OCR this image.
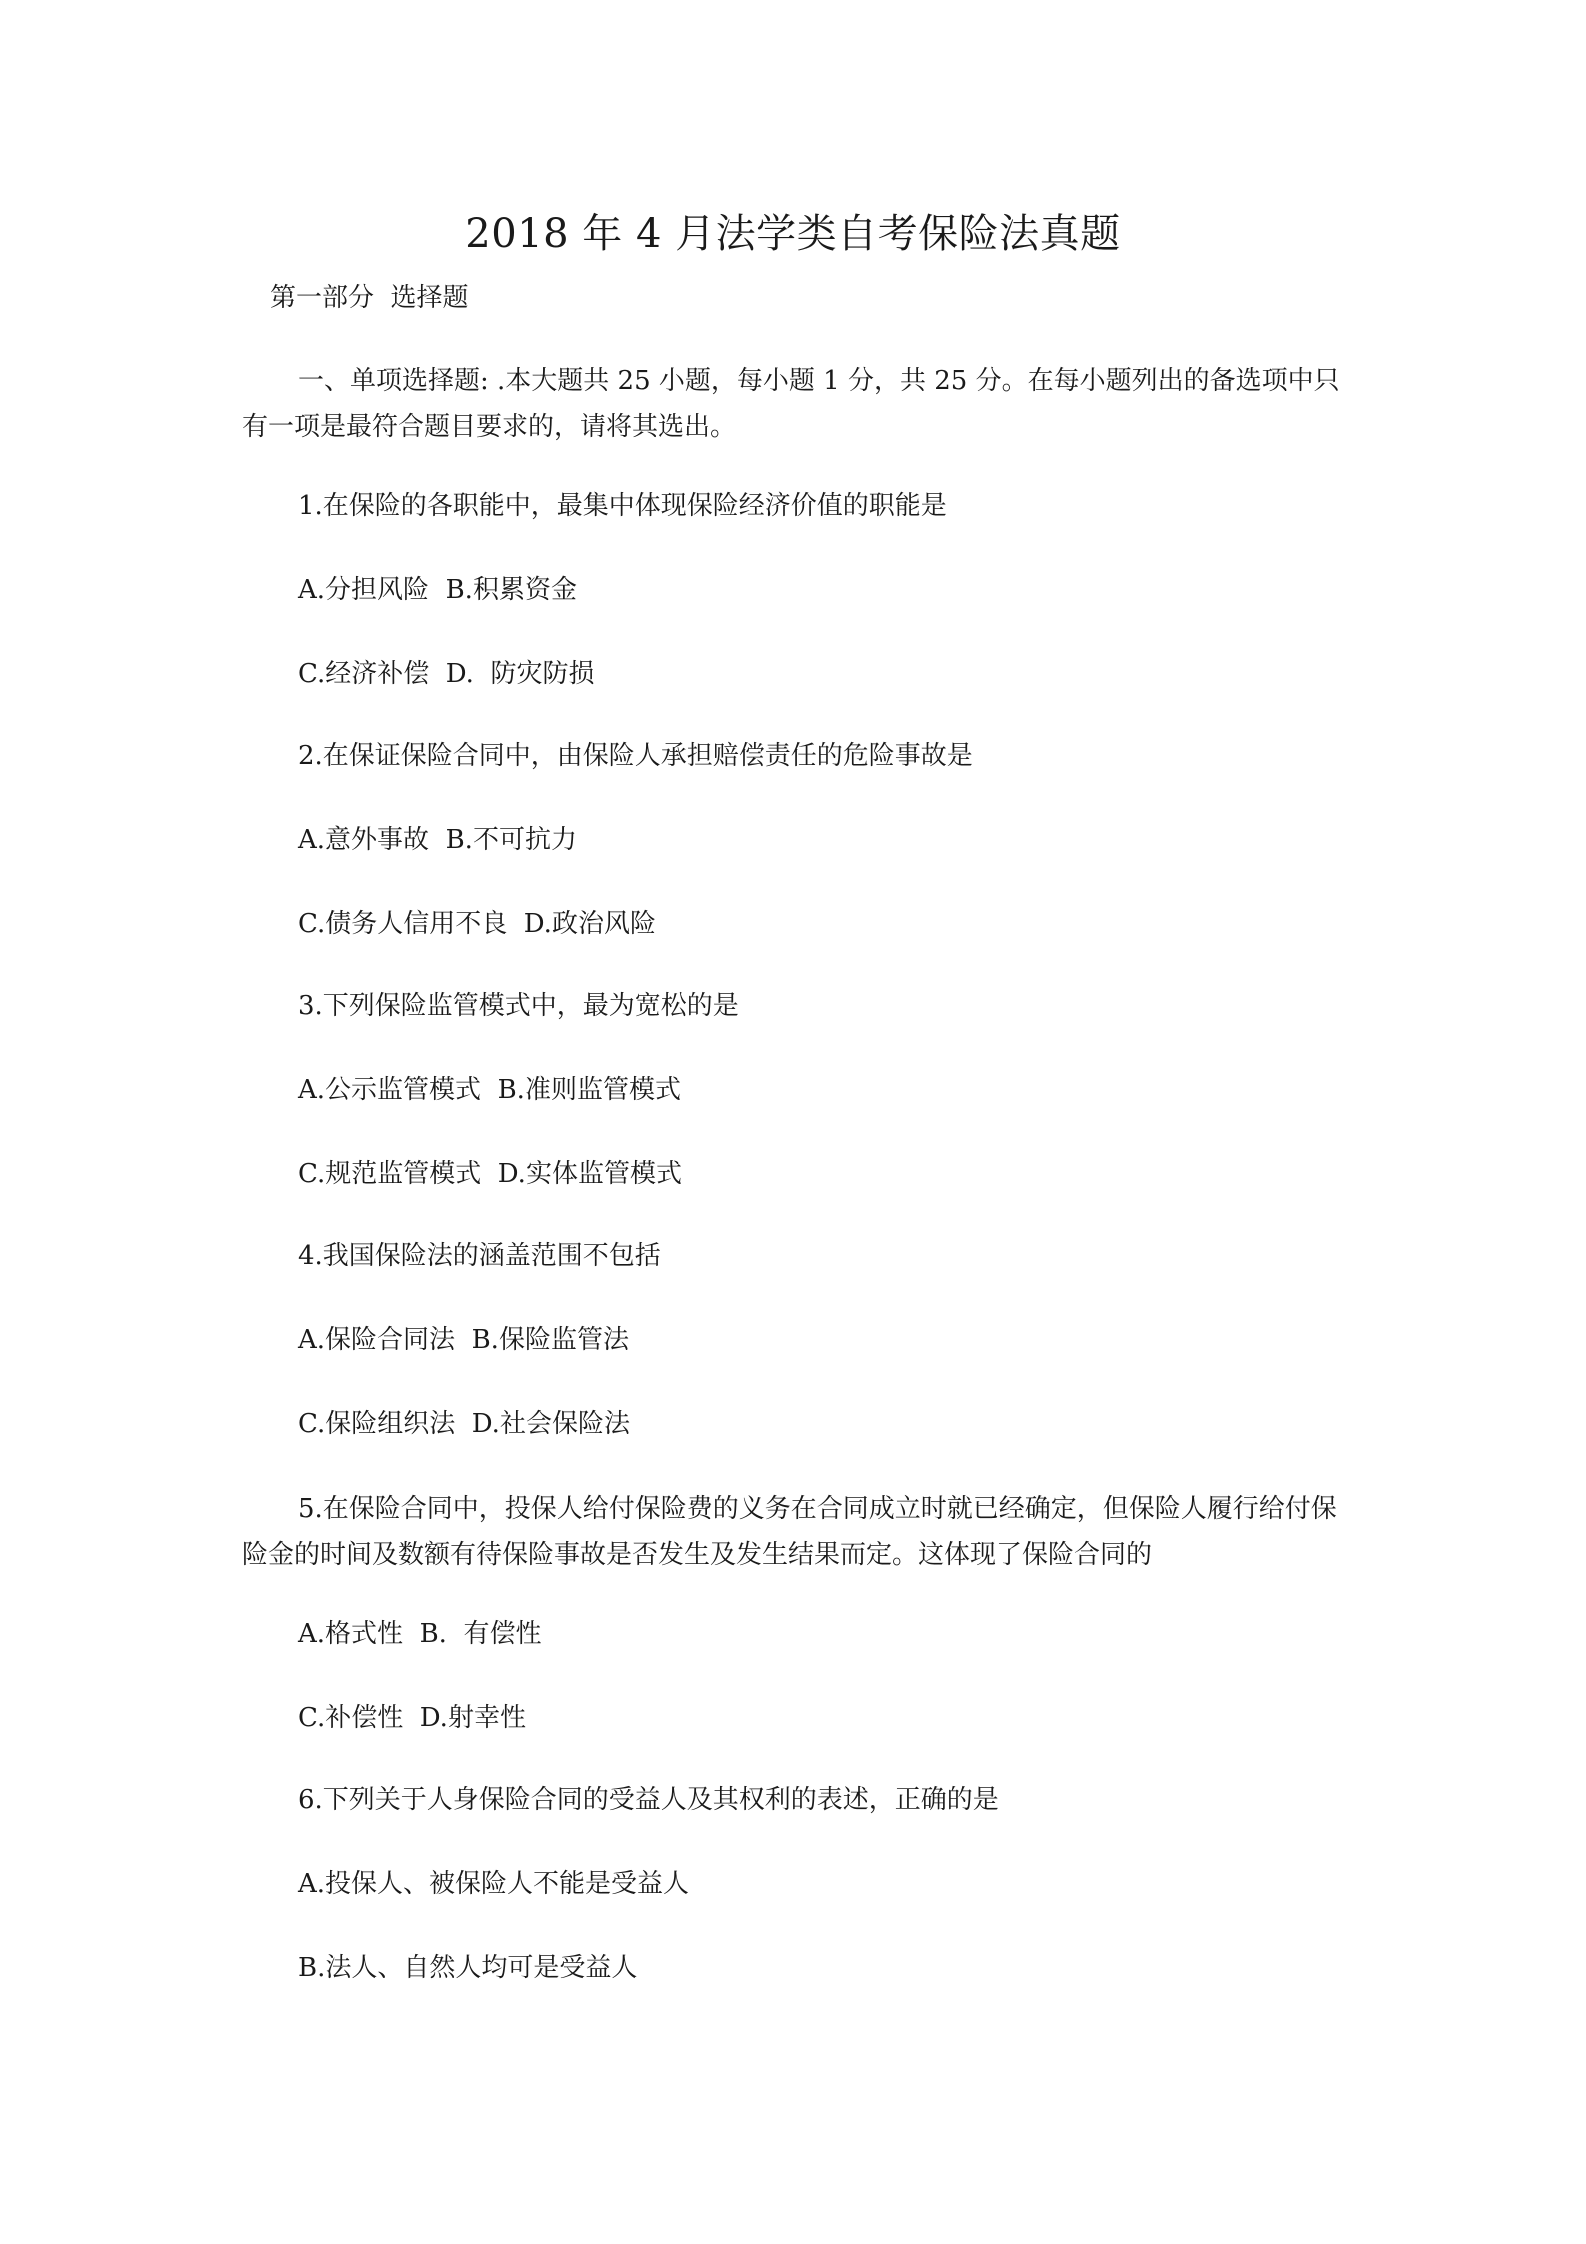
2018 年 4 月法学类自考保险法真题
第一部分  选择题
一、单项选择题: .本大题共 25 小题，每小题 1 分，共 25 分。在每小题列出的备选项中只有一项是最符合题目要求的，请将其选出。
1.在保险的各职能中，最集中体现保险经济价值的职能是
A.分担风险  B.积累资金
C.经济补偿  D.  防灾防损
2.在保证保险合同中，由保险人承担赔偿责任的危险事故是
A.意外事故  B.不可抗力
C.债务人信用不良  D.政治风险
3.下列保险监管模式中，最为宽松的是
A.公示监管模式  B.准则监管模式
C.规范监管模式  D.实体监管模式
4.我国保险法的涵盖范围不包括
A.保险合同法  B.保险监管法
C.保险组织法  D.社会保险法
5.在保险合同中，投保人给付保险费的义务在合同成立时就已经确定，但保险人履行给付保险金的时间及数额有待保险事故是否发生及发生结果而定。这体现了保险合同的
A.格式性  B.  有偿性
C.补偿性  D.射幸性
6.下列关于人身保险合同的受益人及其权利的表述，正确的是
A.投保人、被保险人不能是受益人
B.法人、自然人均可是受益人
